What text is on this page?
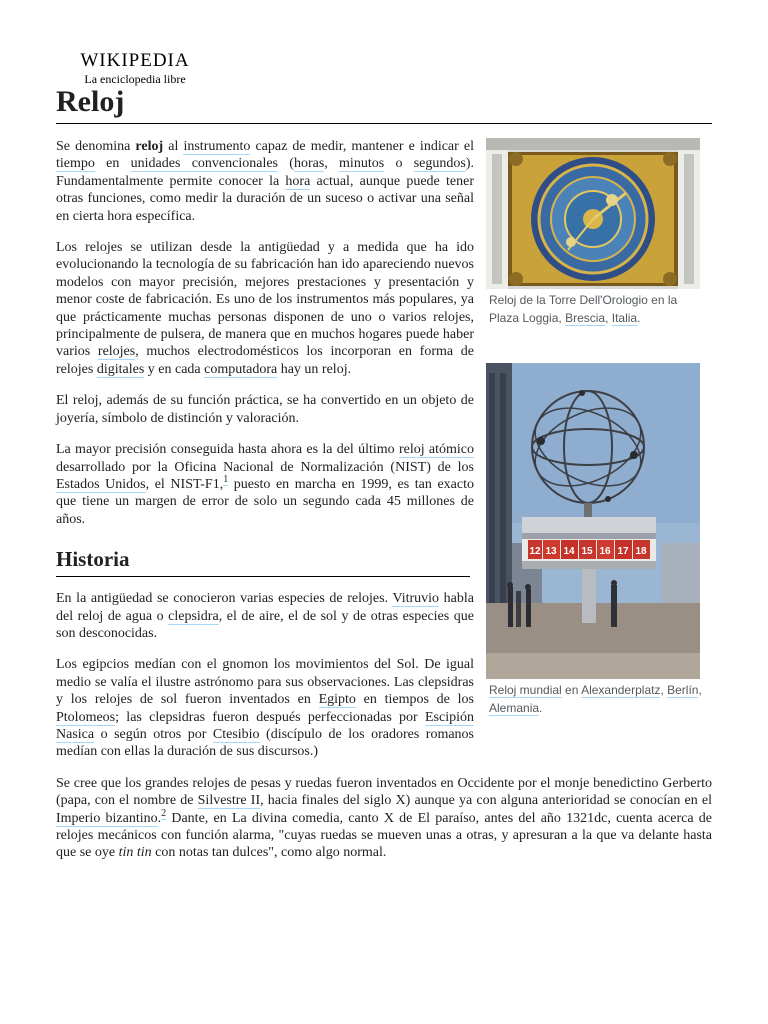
WIKIPEDIA
La enciclopedia libre
Reloj
Reloj de la Torre Dell'Orologio en la Plaza Loggia, Brescia, Italia.
12 13 14 15 16 17 18
Reloj mundial en Alexanderplatz, Berlín, Alemania.

Se denomina reloj al instrumento capaz de medir, mantener e indicar el tiempo en unidades convencionales (horas, minutos o segundos). Fundamentalmente permite conocer la hora actual, aunque puede tener otras funciones, como medir la duración de un suceso o activar una señal en cierta hora específica.

Los relojes se utilizan desde la antigüedad y a medida que ha ido evolucionando la tecnología de su fabricación han ido apareciendo nuevos modelos con mayor precisión, mejores prestaciones y presentación y menor coste de fabricación. Es uno de los instrumentos más populares, ya que prácticamente muchas personas disponen de uno o varios relojes, principalmente de pulsera, de manera que en muchos hogares puede haber varios relojes, muchos electrodomésticos los incorporan en forma de relojes digitales y en cada computadora hay un reloj.

El reloj, además de su función práctica, se ha convertido en un objeto de joyería, símbolo de distinción y valoración.

La mayor precisión conseguida hasta ahora es la del último reloj atómico desarrollado por la Oficina Nacional de Normalización (NIST) de los Estados Unidos, el NIST-F1,$^1$ puesto en marcha en 1999, es tan exacto que tiene un margen de error de solo un segundo cada 45 millones de años.

Historia

En la antigüedad se conocieron varias especies de relojes. Vitruvio habla del reloj de agua o clepsidra, el de aire, el de sol y de otras especies que son desconocidas.

Los egipcios medían con el gnomon los movimientos del Sol. De igual medio se valía el ilustre astrónomo para sus observaciones. Las clepsidras y los relojes de sol fueron inventados en Egipto en tiempos de los Ptolomeos; las clepsidras fueron después perfeccionadas por Escipión Nasica o según otros por Ctesibio (discípulo de los oradores romanos medían con ellas la duración de sus discursos.)

Se cree que los grandes relojes de pesas y ruedas fueron inventados en Occidente por el monje benedictino Gerberto (papa, con el nombre de Silvestre II, hacia finales del siglo X) aunque ya con alguna anterioridad se conocían en el Imperio bizantino.$^2$ Dante, en La divina comedia, canto X de El paraíso, antes del año 1321dc, cuenta acerca de relojes mecánicos con función alarma, "cuyas ruedas se mueven unas a otras, y apresuran a la que va delante hasta que se oye tin tin con notas tan dulces", como algo normal.
